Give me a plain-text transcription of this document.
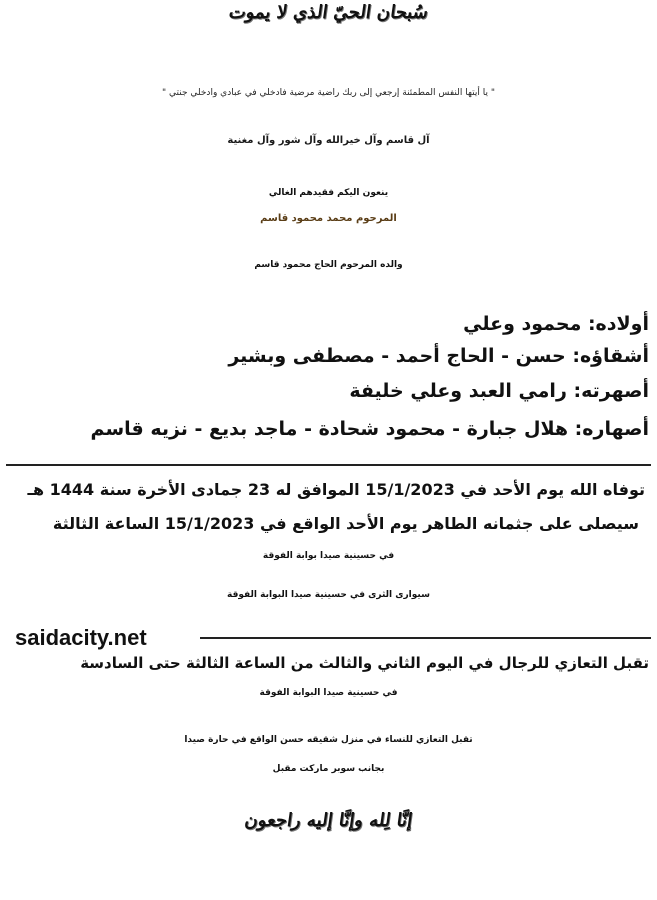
سُبحان الحيّ الذي لا يموت
" يا أيتها النفس المطمئنة إرجعي إلى ربك راضية مرضية فادخلي في عبادي وادخلي جنتي "
آل قاسم وآل خيرالله وآل شور وآل مغنية
ينعون اليكم فقيدهم الغالي
المرحوم محمد محمود قاسم
والده المرحوم الحاج محمود قاسم
أولاده: محمود وعلي
أشقاؤه: حسن - الحاج أحمد - مصطفى وبشير
أصهرته: رامي العبد وعلي خليفة
أصهاره: هلال جبارة - محمود شحادة - ماجد بديع - نزيه قاسم
توفاه الله يوم الأحد في 15/1/2023 الموافق له 23 جمادى الأخرة سنة 1444 هـ
سيصلى على جثمانه الطاهر يوم الأحد الواقع في 15/1/2023 الساعة الثالثة
في حسينية صيدا بوابة الفوقة
سيوارى الثرى في حسينية صيدا البوابة الفوقة
saidacity.net
تقبل التعازي للرجال في اليوم الثاني والثالث من الساعة الثالثة حتى السادسة
في حسينية صيدا البوابة الفوقة
تقبل التعازي للنساء في منزل شقيقه حسن الواقع في حارة صيدا
بجانب سوبر ماركت مقبل
إنَّا لِله وإنَّا إليه راجعون
